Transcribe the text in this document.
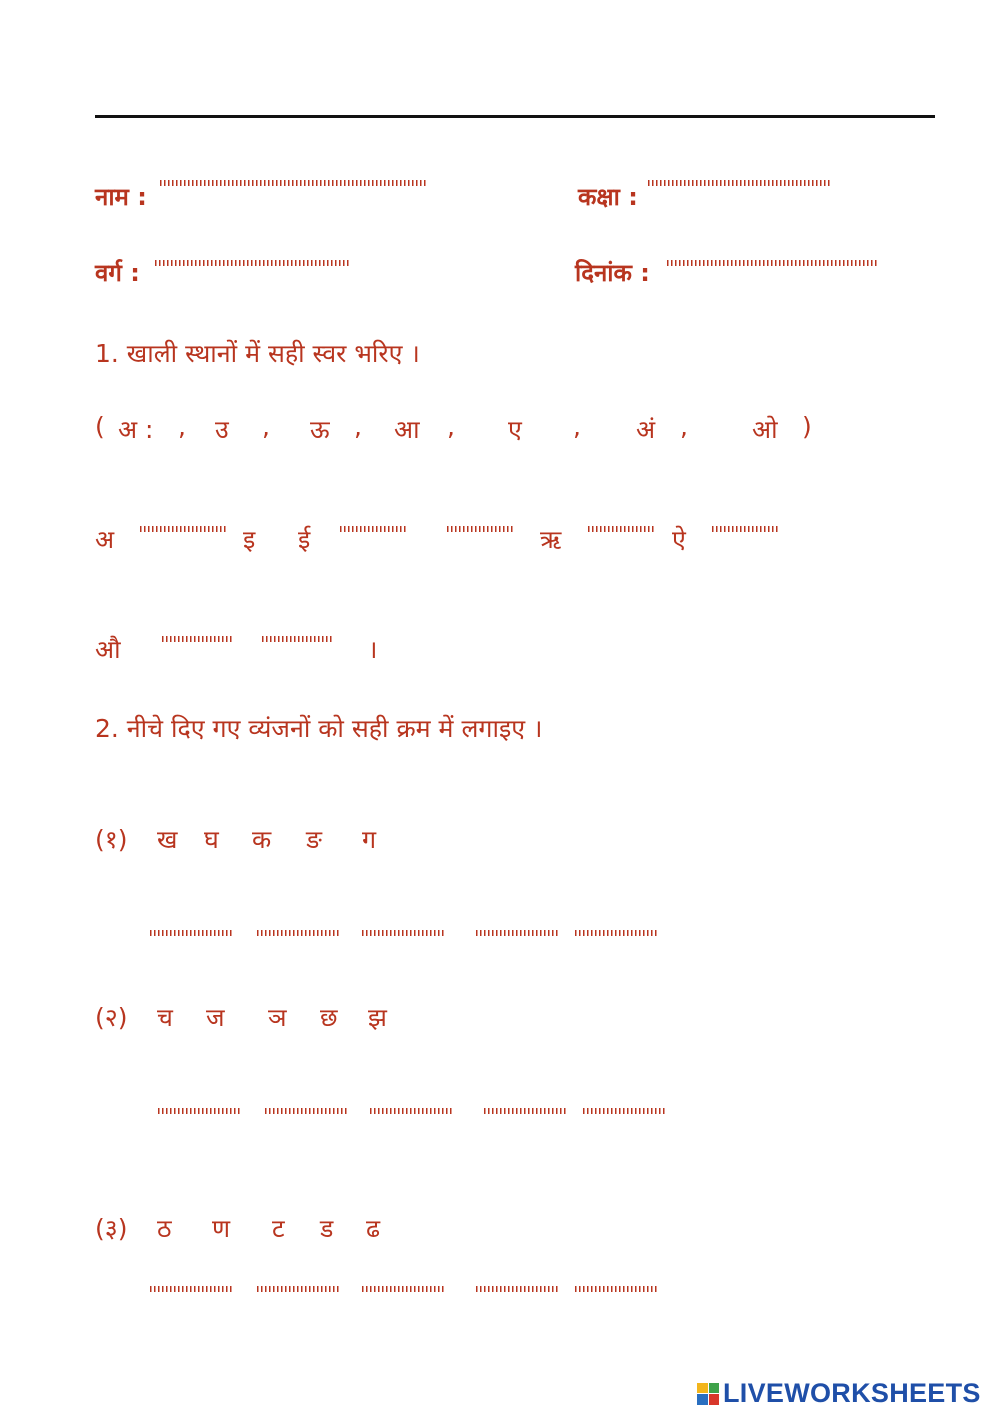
नाम :	कक्षा :
वर्ग :	दिनांक :
1. खाली स्थानों में सही स्वर भरिए ।
( अ : , उ , ऊ , आ , ए , अं ,	ओ )
अ	इ ई	ऋ	ऐ
औ	।
2. नीचे दिए गए व्यंजनों को सही क्रम में लगाइए ।
(१) ख घ क ङ ग
(२) च ज ञ छ झ
(३) ठ ण ट ड ढ
LIVEWORKSHEETS
